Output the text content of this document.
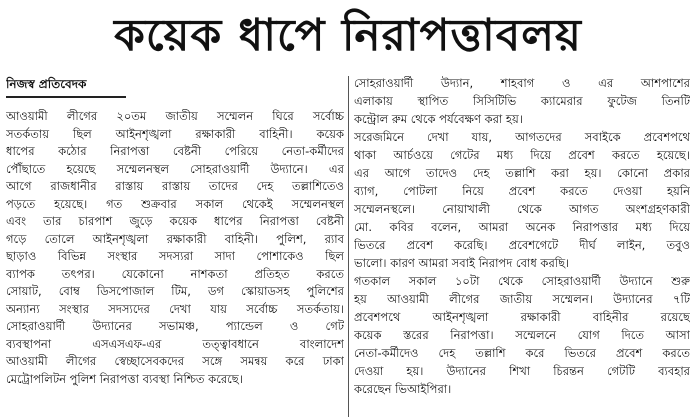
কয়েক ধাপে নিরাপত্তাবলয়
নিজস্ব প্রতিবেদক
আওয়ামী লীগের ২০তম জাতীয় সম্মেলন ঘিরে সর্বোচ্চ
সতর্কতায় ছিল আইনশৃঙ্খলা রক্ষাকারী বাহিনী। কয়েক
ধাপের কঠোর নিরাপত্তা বেষ্টনী পেরিয়ে নেতা-কর্মীদের
পৌঁছাতে হয়েছে সম্মেলনস্থল সোহরাওয়ার্দী উদ্যানে। এর
আগে রাজধানীর রাস্তায় রাস্তায় তাদের দেহ তল্লাশিতেও
পড়তে হয়েছে। গত শুক্রবার সকাল থেকেই সম্মেলনস্থল
এবং তার চারপাশ জুড়ে কয়েক ধাপের নিরাপত্তা বেষ্টনী
গড়ে তোলে আইনশৃঙ্খলা রক্ষাকারী বাহিনী। পুলিশ, র‌্যাব
ছাড়াও বিভিন্ন সংস্থার সদস্যরা সাদা পোশাকেও ছিল
ব্যাপক তৎপর। যেকোনো নাশকতা প্রতিহত করতে
সোয়াট, বোম্ব ডিসপোজাল টিম, ডগ স্কোয়াডসহ পুলিশের
অন্যান্য সংস্থার সদস্যদের দেখা যায় সর্বোচ্চ সতর্কতায়।
সোহরাওয়ার্দী উদ্যানের সভামঞ্চ, প্যান্ডেল ও গেট
ব্যবস্থাপনা এসএসএফ-এর তত্ত্বাবধানে বাংলাদেশ
আওয়ামী লীগের স্বেচ্ছাসেবকদের সঙ্গে সমন্বয় করে ঢাকা
মেট্রোপলিটন পুলিশ নিরাপত্তা ব্যবস্থা নিশ্চিত করেছে।
সোহরাওয়ার্দী উদ্যান, শাহবাগ ও এর আশপাশের
এলাকায় স্থাপিত সিসিটিভি ক্যামেরার ফুটেজ তিনটি
কন্ট্রোল রুম থেকে পর্যবেক্ষণ করা হয়।
সরেজমিনে দেখা যায়, আগতদের সবাইকে প্রবেশপথে
থাকা আর্চওয়ে গেটের মধ্য দিয়ে প্রবেশ করতে হয়েছে।
এর আগে তাদেও দেহ তল্লাশি করা হয়। কোনো প্রকার
ব্যাগ, পোটলা নিয়ে প্রবেশ করতে দেওয়া হয়নি
সম্মেলনস্থলে। নোয়াখালী থেকে আগত অংশগ্রহণকারী
মো. কবির বলেন, আমরা অনেক নিরাপত্তার মধ্য দিয়ে
ভিতরে প্রবেশ করেছি। প্রবেশগেটে দীর্ঘ লাইন, তবুও
ভালো। কারণ আমরা সবাই নিরাপদ বোধ করছি।
গতকাল সকাল ১০টা থেকে সোহরাওয়ার্দী উদ্যানে শুরু
হয় আওয়ামী লীগের জাতীয় সম্মেলন। উদ্যানের ৭টি
প্রবেশপথে আইনশৃঙ্খলা রক্ষাকারী বাহিনীর রয়েছে
কয়েক স্তরের নিরাপত্তা। সম্মেলনে যোগ দিতে আসা
নেতা-কর্মীদেও দেহ তল্লাশি করে ভিতরে প্রবেশ করতে
দেওয়া হয়। উদ্যানের শিখা চিরন্তন গেটটি ব্যবহার
করেছেন ভিআইপিরা।
